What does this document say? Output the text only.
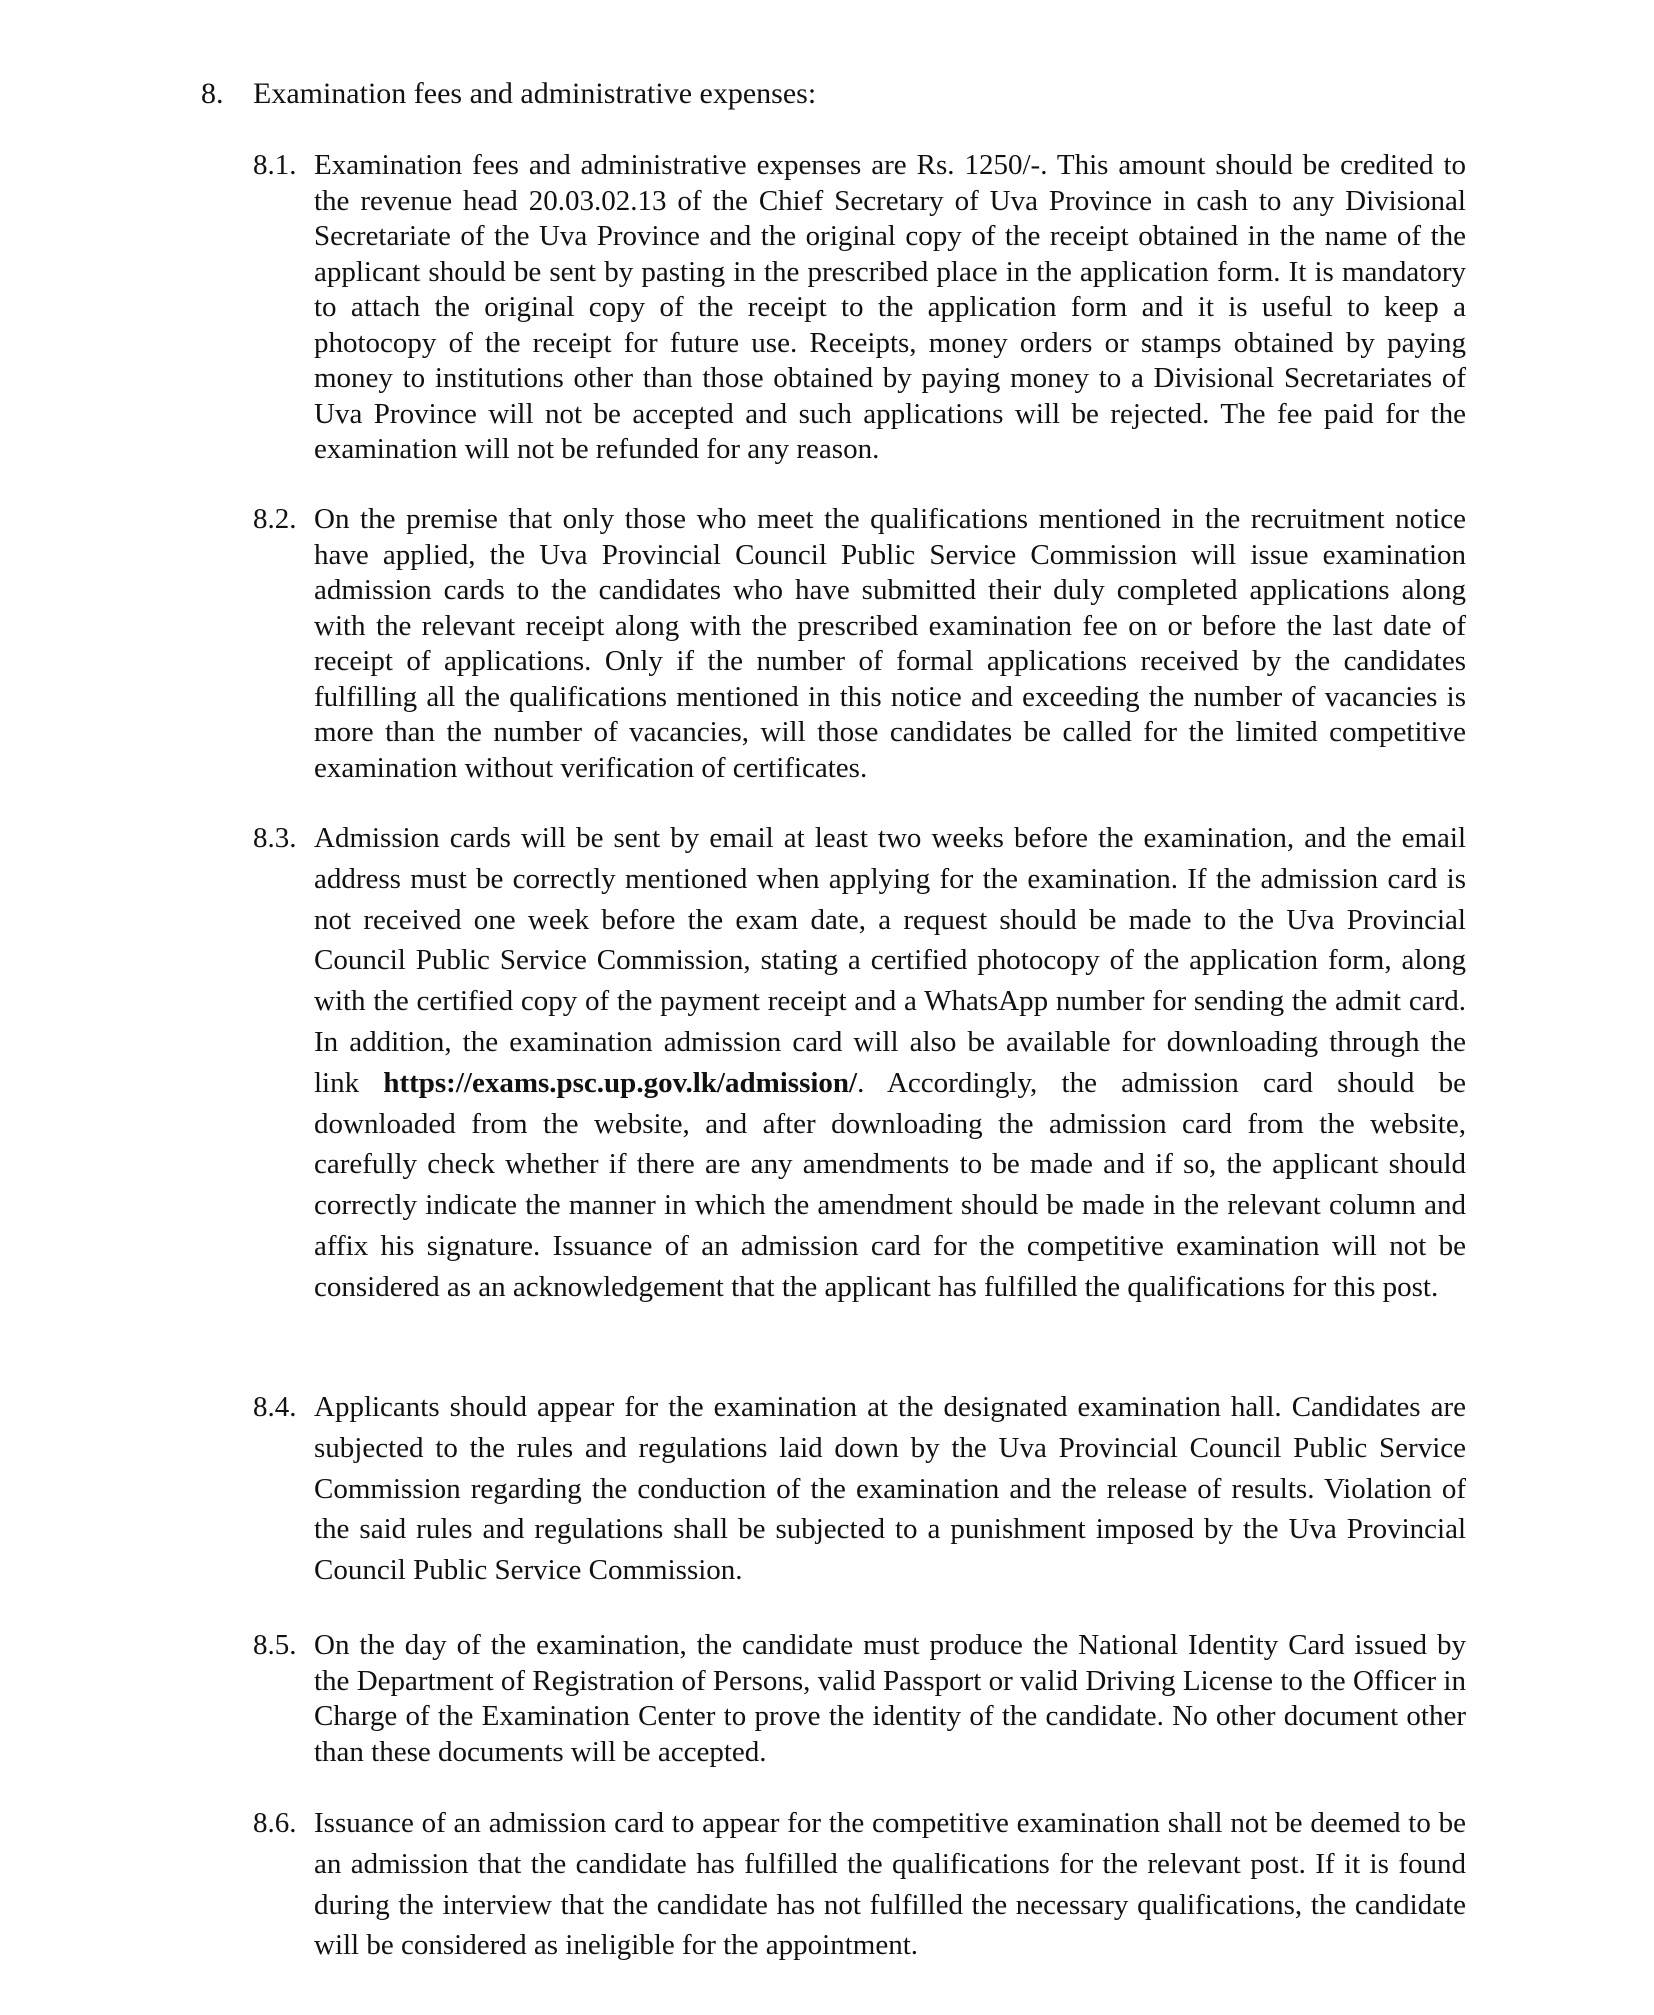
8. Examination fees and administrative expenses:
8.1. Examination fees and administrative expenses are Rs. 1250/-. This amount should be credited to the revenue head 20.03.02.13 of the Chief Secretary of Uva Province in cash to any Divisional Secretariate of the Uva Province and the original copy of the receipt obtained in the name of the applicant should be sent by pasting in the prescribed place in the application form. It is mandatory to attach the original copy of the receipt to the application form and it is useful to keep a photocopy of the receipt for future use. Receipts, money orders or stamps obtained by paying money to institutions other than those obtained by paying money to a Divisional Secretariates of Uva Province will not be accepted and such applications will be rejected. The fee paid for the examination will not be refunded for any reason.
8.2. On the premise that only those who meet the qualifications mentioned in the recruitment notice have applied, the Uva Provincial Council Public Service Commission will issue examination admission cards to the candidates who have submitted their duly completed applications along with the relevant receipt along with the prescribed examination fee on or before the last date of receipt of applications. Only if the number of formal applications received by the candidates fulfilling all the qualifications mentioned in this notice and exceeding the number of vacancies is more than the number of vacancies, will those candidates be called for the limited competitive examination without verification of certificates.
8.3. Admission cards will be sent by email at least two weeks before the examination, and the email address must be correctly mentioned when applying for the examination. If the admission card is not received one week before the exam date, a request should be made to the Uva Provincial Council Public Service Commission, stating a certified photocopy of the application form, along with the certified copy of the payment receipt and a WhatsApp number for sending the admit card. In addition, the examination admission card will also be available for downloading through the link https://exams.psc.up.gov.lk/admission/. Accordingly, the admission card should be downloaded from the website, and after downloading the admission card from the website, carefully check whether if there are any amendments to be made and if so, the applicant should correctly indicate the manner in which the amendment should be made in the relevant column and affix his signature. Issuance of an admission card for the competitive examination will not be considered as an acknowledgement that the applicant has fulfilled the qualifications for this post.
8.4. Applicants should appear for the examination at the designated examination hall. Candidates are subjected to the rules and regulations laid down by the Uva Provincial Council Public Service Commission regarding the conduction of the examination and the release of results. Violation of the said rules and regulations shall be subjected to a punishment imposed by the Uva Provincial Council Public Service Commission.
8.5. On the day of the examination, the candidate must produce the National Identity Card issued by the Department of Registration of Persons, valid Passport or valid Driving License to the Officer in Charge of the Examination Center to prove the identity of the candidate. No other document other than these documents will be accepted.
8.6. Issuance of an admission card to appear for the competitive examination shall not be deemed to be an admission that the candidate has fulfilled the qualifications for the relevant post. If it is found during the interview that the candidate has not fulfilled the necessary qualifications, the candidate will be considered as ineligible for the appointment.
